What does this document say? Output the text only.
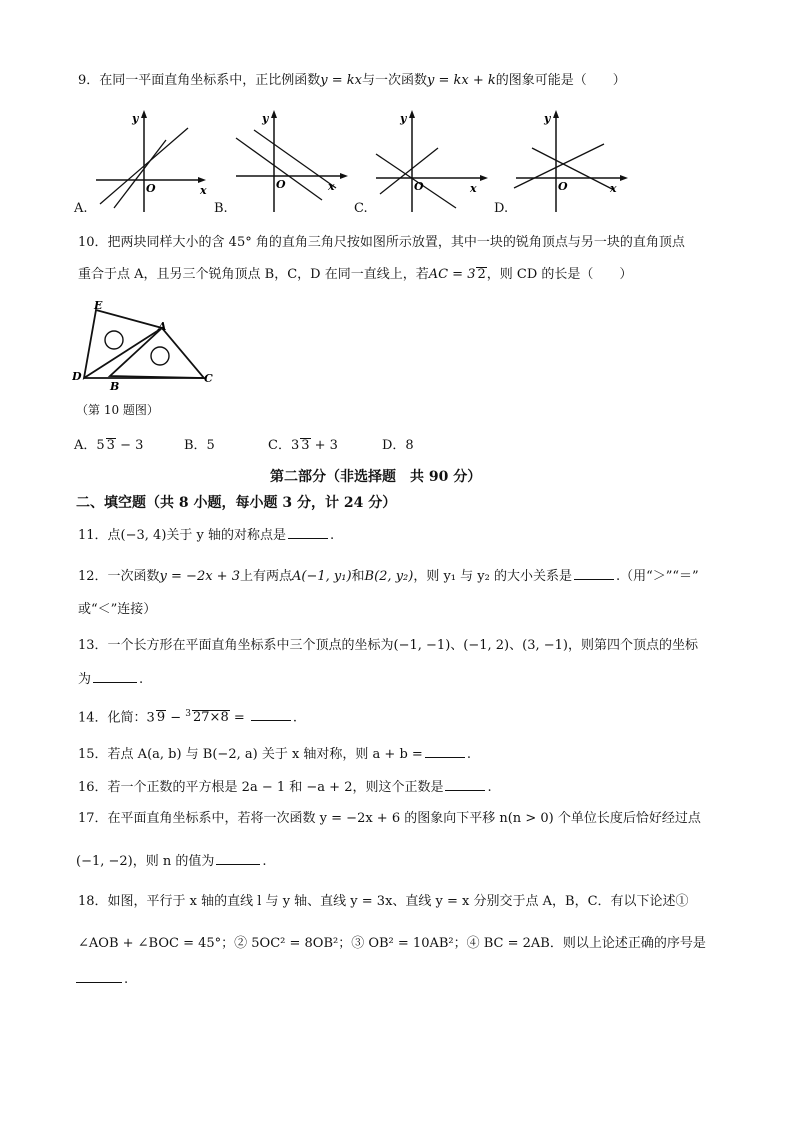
9．在同一平面直角坐标系中，正比例函数y = kx与一次函数y = kx + k的图象可能是（　　）
y
O	x
y
O	x
y
O	x
y
O	x
A.	B.	C.	D.
10．把两块同样大小的含 45° 角的直角三角尺按如图所示放置，其中一块的锐角顶点与另一块的直角顶点
重合于点 A，且另三个锐角顶点 B，C，D 在同一直线上，若AC = 3 2，则 CD 的长是（　　）
E
A
D
B
C
（第 10 题图）
A．5 3 − 3	B．5	C．3 3 + 3	D．8
第二部分（非选择题　共 90 分）
二、填空题（共 8 小题，每小题 3 分，计 24 分）
11．点(−3, 4)关于 y 轴的对称点是	.
12．一次函数y = −2x + 3上有两点A(−1, y₁)和B(2, y₂)，则 y₁ 与 y₂ 的大小关系是	.（用“＞”“＝”
或“＜”连接）
13．一个长方形在平面直角坐标系中三个顶点的坐标为(−1, −1)、(−1, 2)、(3, −1)，则第四个顶点的坐标
为	.
14．化简：3 9 − $^3$ 27×8 =	.
15．若点 A(a, b) 与 B(−2, a) 关于 x 轴对称，则 a + b =	.
16．若一个正数的平方根是 2a − 1 和 −a + 2，则这个正数是	.
17．在平面直角坐标系中，若将一次函数 y = −2x + 6 的图象向下平移 n(n > 0) 个单位长度后恰好经过点
(−1, −2)，则 n 的值为	.
18．如图，平行于 x 轴的直线 l 与 y 轴、直线 y = 3x、直线 y = x 分别交于点 A，B，C．有以下论述①
∠AOB + ∠BOC = 45°；② 5OC² = 8OB²；③ OB² = 10AB²；④ BC = 2AB．则以上论述正确的序号是
.
